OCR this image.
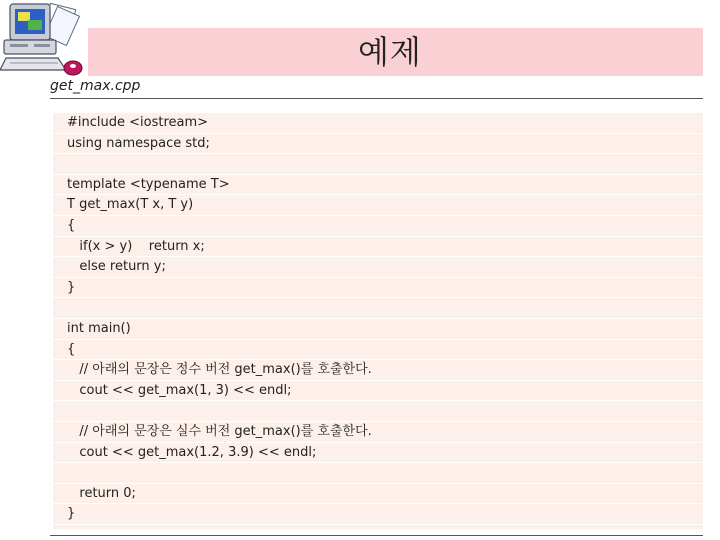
예제
get_max.cpp
#include <iostream>
using namespace std;
template <typename T>
T get_max(T x, T y)
{
if(x > y)    return x;
else return y;
}
int main()
{
// 아래의 문장은 정수 버전 get_max()를 호출한다.
cout << get_max(1, 3) << endl;
// 아래의 문장은 실수 버전 get_max()를 호출한다.
cout << get_max(1.2, 3.9) << endl;
return 0;
}
